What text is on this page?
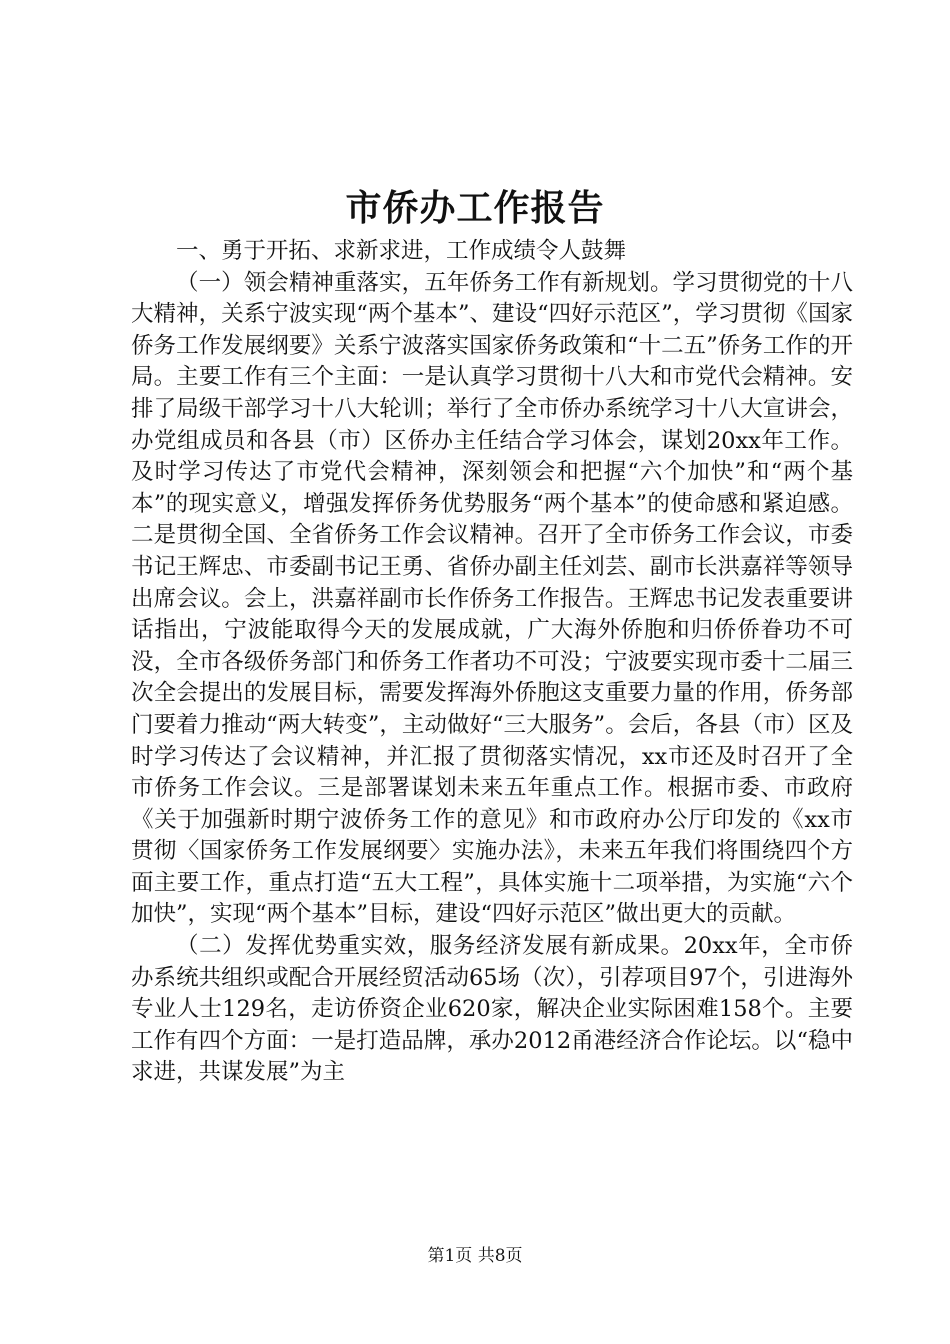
市侨办工作报告

一、勇于开拓、求新求进，工作成绩令人鼓舞

（一）领会精神重落实，五年侨务工作有新规划。学习贯彻党的十八大精神，关系宁波实现“两个基本”、建设“四好示范区”，学习贯彻《国家侨务工作发展纲要》关系宁波落实国家侨务政策和“十二五”侨务工作的开局。主要工作有三个主面：一是认真学习贯彻十八大和市党代会精神。安排了局级干部学习十八大轮训；举行了全市侨办系统学习十八大宣讲会，办党组成员和各县（市）区侨办主任结合学习体会，谋划20xx年工作。及时学习传达了市党代会精神，深刻领会和把握“六个加快”和“两个基本”的现实意义，增强发挥侨务优势服务“两个基本”的使命感和紧迫感。二是贯彻全国、全省侨务工作会议精神。召开了全市侨务工作会议，市委书记王辉忠、市委副书记王勇、省侨办副主任刘芸、副市长洪嘉祥等领导出席会议。会上，洪嘉祥副市长作侨务工作报告。王辉忠书记发表重要讲话指出，宁波能取得今天的发展成就，广大海外侨胞和归侨侨眷功不可没，全市各级侨务部门和侨务工作者功不可没；宁波要实现市委十二届三次全会提出的发展目标，需要发挥海外侨胞这支重要力量的作用，侨务部门要着力推动“两大转变”，主动做好“三大服务”。会后，各县（市）区及时学习传达了会议精神，并汇报了贯彻落实情况，xx市还及时召开了全市侨务工作会议。三是部署谋划未来五年重点工作。根据市委、市政府《关于加强新时期宁波侨务工作的意见》和市政府办公厅印发的《xx市贯彻〈国家侨务工作发展纲要〉实施办法》，未来五年我们将围绕四个方面主要工作，重点打造“五大工程”，具体实施十二项举措，为实施“六个加快”，实现“两个基本”目标，建设“四好示范区”做出更大的贡献。

（二）发挥优势重实效，服务经济发展有新成果。20xx年，全市侨办系统共组织或配合开展经贸活动65场（次），引荐项目97个，引进海外专业人士129名，走访侨资企业620家，解决企业实际困难158个。主要工作有四个方面：一是打造品牌，承办2012甬港经济合作论坛。以“稳中求进，共谋发展”为主

第1页 共8页
